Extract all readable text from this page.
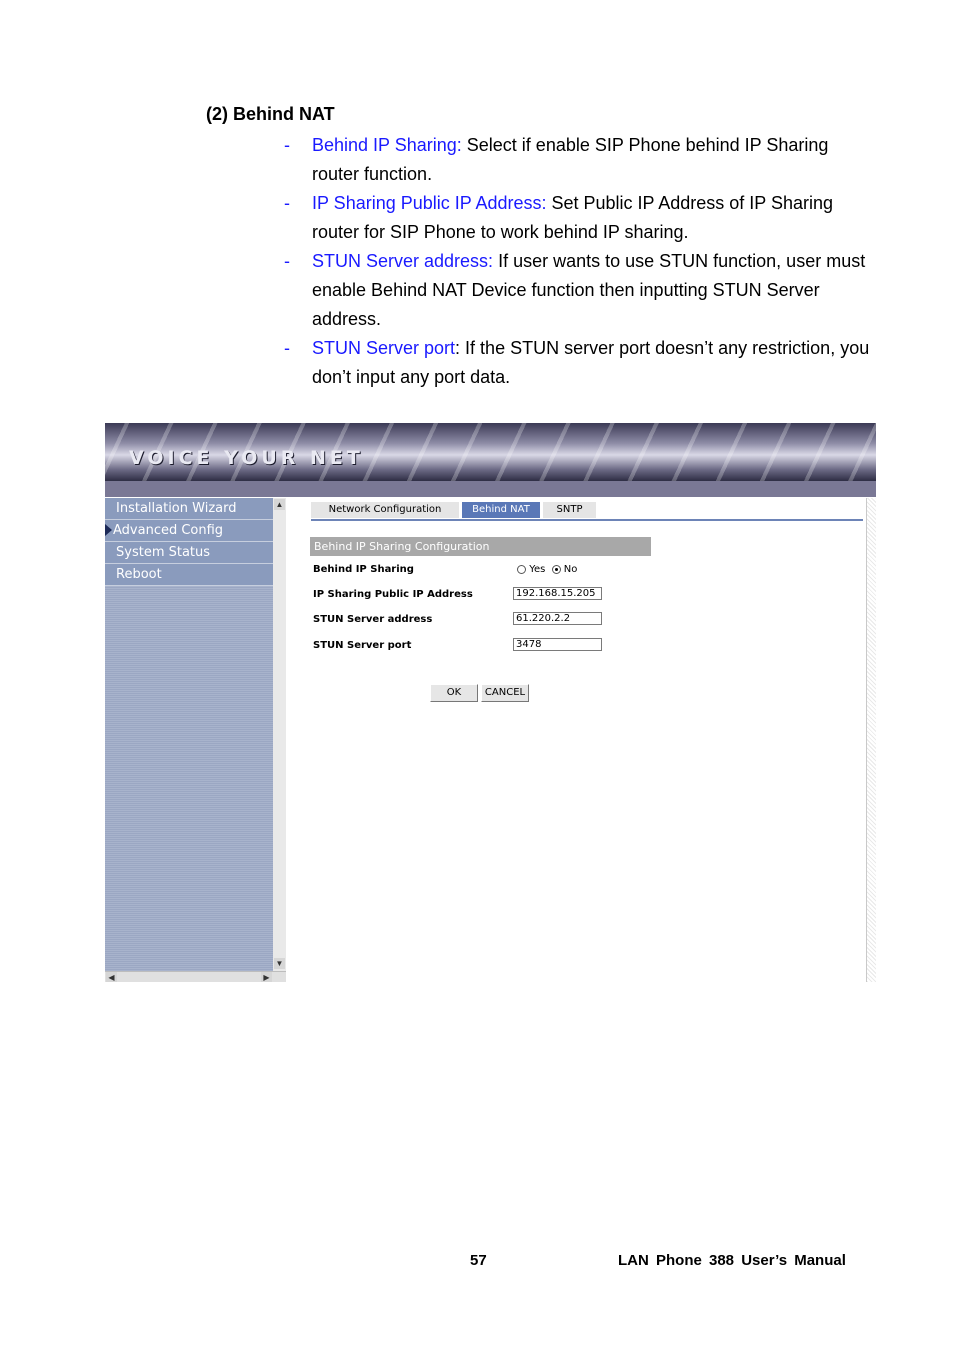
(2) Behind NAT
- Behind IP Sharing: Select if enable SIP Phone behind IP Sharing router function.
- IP Sharing Public IP Address: Set Public IP Address of IP Sharing router for SIP Phone to work behind IP sharing.
- STUN Server address: If user wants to use STUN function, user must enable Behind NAT Device function then inputting STUN Server address.
- STUN Server port: If the STUN server port doesn’t any restriction, you don’t input any port data.
VOICE YOUR NET
Installation Wizard
Advanced Config
System Status
Reboot
▲
▼
◀	▶
Network Configuration	Behind NAT	SNTP
Behind IP Sharing Configuration
Behind IP Sharing	Yes No
IP Sharing Public IP Address	192.168.15.205
STUN Server address	61.220.2.2
STUN Server port	3478
OK	CANCEL
57	LAN Phone 388 User’s Manual
